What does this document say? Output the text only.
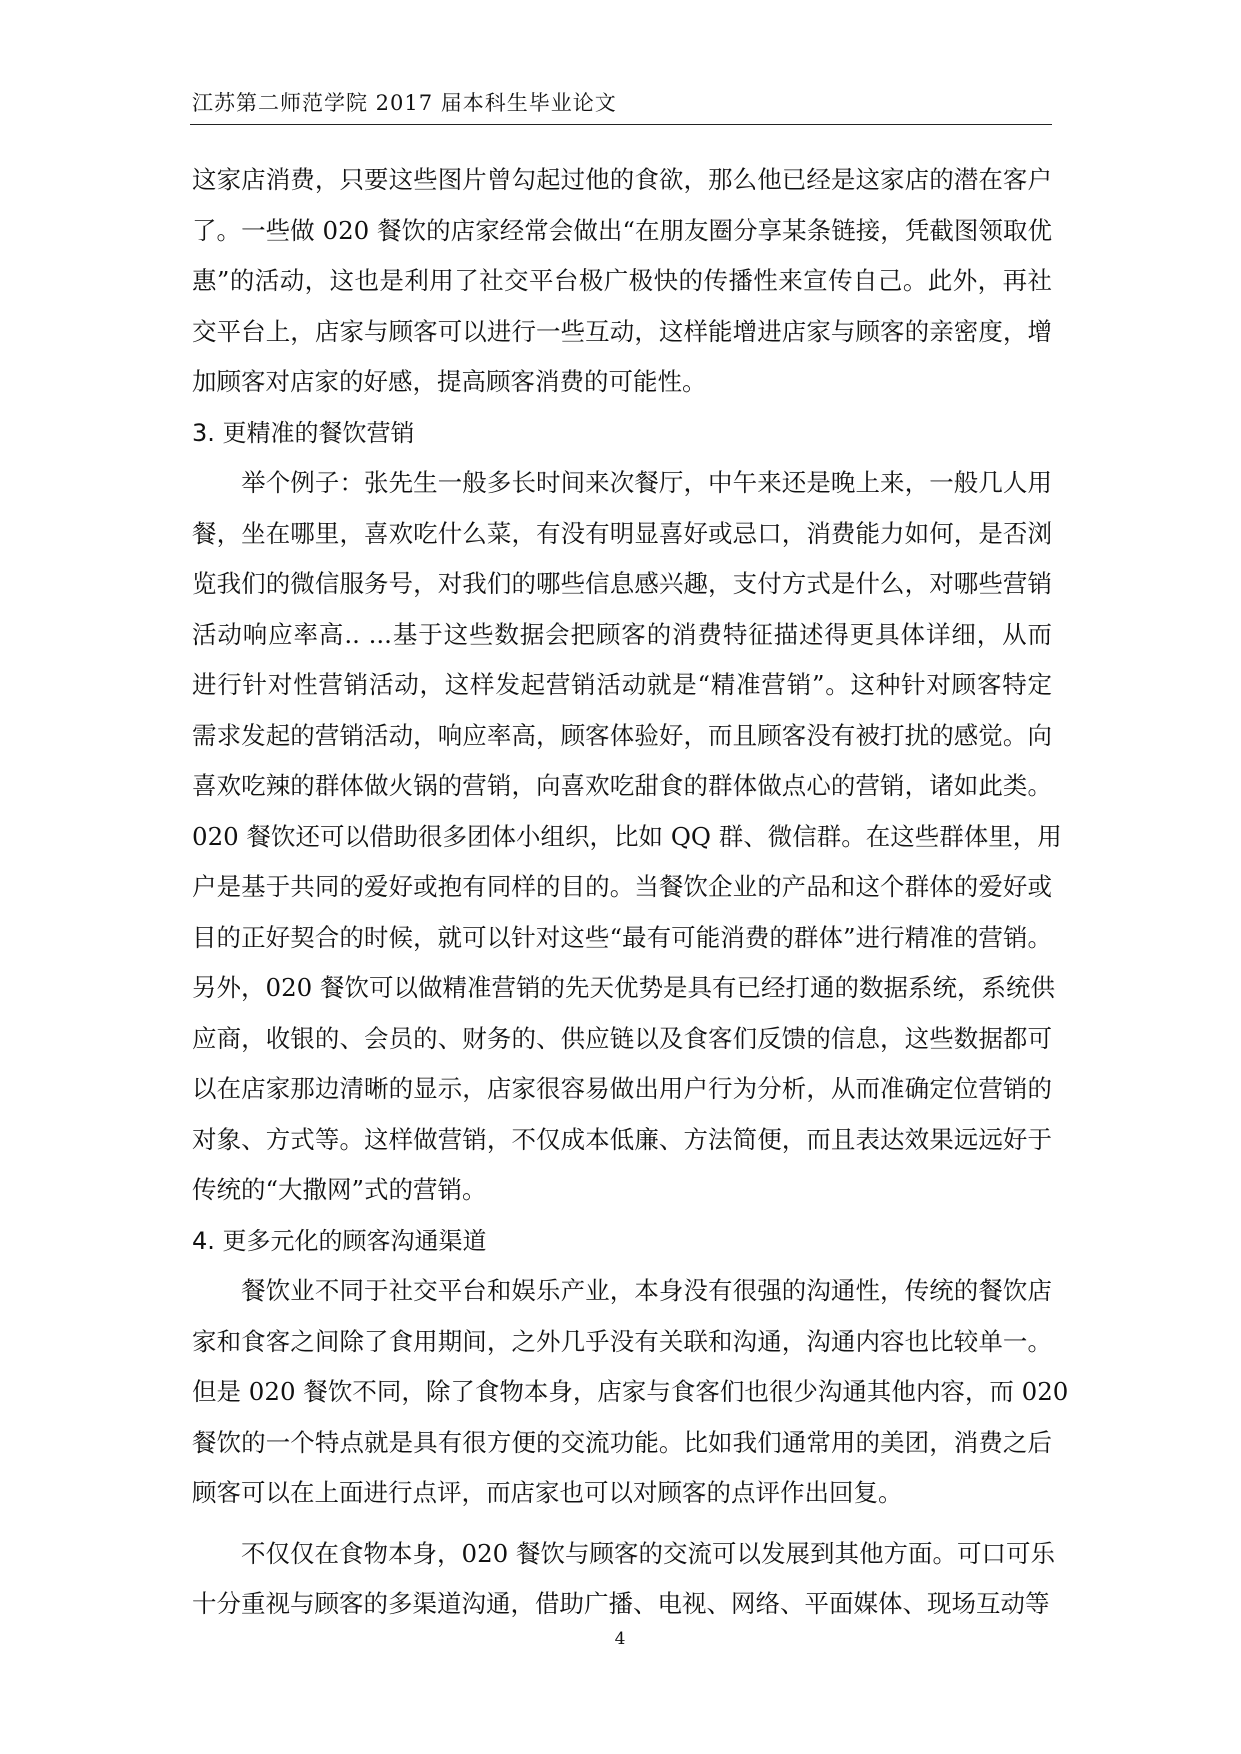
江苏第二师范学院 2017 届本科生毕业论文
这家店消费，只要这些图片曾勾起过他的食欲，那么他已经是这家店的潜在客户
了。一些做 020 餐饮的店家经常会做出“在朋友圈分享某条链接，凭截图领取优
惠”的活动，这也是利用了社交平台极广极快的传播性来宣传自己。此外，再社
交平台上，店家与顾客可以进行一些互动，这样能增进店家与顾客的亲密度，增
加顾客对店家的好感，提高顾客消费的可能性。
3. 更精准的餐饮营销
　　举个例子：张先生一般多长时间来次餐厅，中午来还是晚上来，一般几人用
餐，坐在哪里，喜欢吃什么菜，有没有明显喜好或忌口，消费能力如何，是否浏
览我们的微信服务号，对我们的哪些信息感兴趣，支付方式是什么，对哪些营销
活动响应率高.. ...基于这些数据会把顾客的消费特征描述得更具体详细，从而
进行针对性营销活动，这样发起营销活动就是“精准营销”。这种针对顾客特定
需求发起的营销活动，响应率高，顾客体验好，而且顾客没有被打扰的感觉。向
喜欢吃辣的群体做火锅的营销，向喜欢吃甜食的群体做点心的营销，诸如此类。
020 餐饮还可以借助很多团体小组织，比如 QQ 群、微信群。在这些群体里，用
户是基于共同的爱好或抱有同样的目的。当餐饮企业的产品和这个群体的爱好或
目的正好契合的时候，就可以针对这些“最有可能消费的群体”进行精准的营销。
另外，020 餐饮可以做精准营销的先天优势是具有已经打通的数据系统，系统供
应商，收银的、会员的、财务的、供应链以及食客们反馈的信息，这些数据都可
以在店家那边清晰的显示，店家很容易做出用户行为分析，从而准确定位营销的
对象、方式等。这样做营销，不仅成本低廉、方法简便，而且表达效果远远好于
传统的“大撒网”式的营销。
4. 更多元化的顾客沟通渠道
　　餐饮业不同于社交平台和娱乐产业，本身没有很强的沟通性，传统的餐饮店
家和食客之间除了食用期间，之外几乎没有关联和沟通，沟通内容也比较单一。
但是 020 餐饮不同，除了食物本身，店家与食客们也很少沟通其他内容，而 020
餐饮的一个特点就是具有很方便的交流功能。比如我们通常用的美团，消费之后
顾客可以在上面进行点评，而店家也可以对顾客的点评作出回复。
　　不仅仅在食物本身，020 餐饮与顾客的交流可以发展到其他方面。可口可乐
十分重视与顾客的多渠道沟通，借助广播、电视、网络、平面媒体、现场互动等
4
